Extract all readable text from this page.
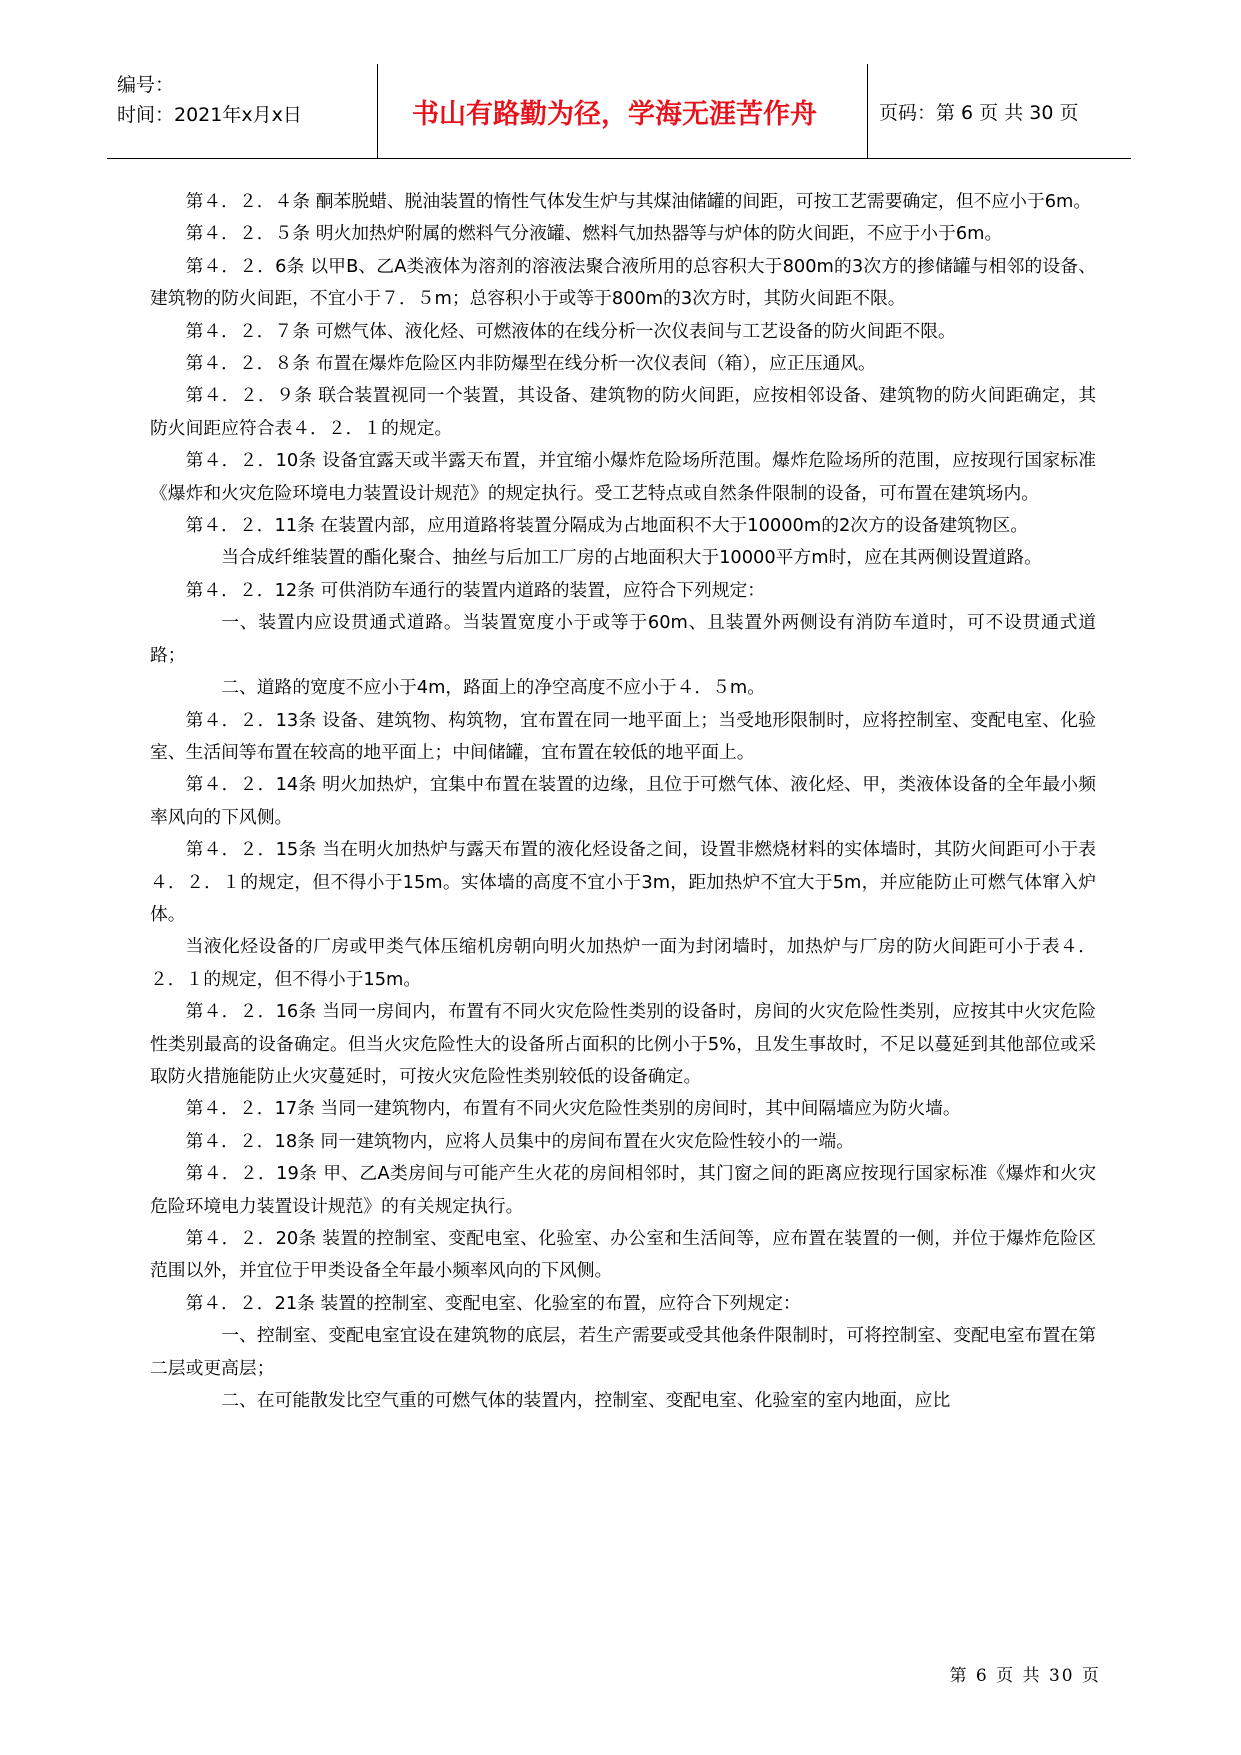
编号：
时间：2021年x月x日	书山有路勤为径，学海无涯苦作舟	页码：第 6 页 共 30 页

第４．２．４条 酮苯脱蜡、脱油装置的惰性气体发生炉与其煤油储罐的间距，可按工艺需要确定，但不应小于6m。

第４．２．５条 明火加热炉附属的燃料气分液罐、燃料气加热器等与炉体的防火间距，不应于小于6m。

第４．２．6条 以甲B、乙A类液体为溶剂的溶液法聚合液所用的总容积大于800m的3次方的掺储罐与相邻的设备、建筑物的防火间距，不宜小于７．５m；总容积小于或等于800m的3次方时，其防火间距不限。

第４．２．７条 可燃气体、液化烃、可燃液体的在线分析一次仪表间与工艺设备的防火间距不限。

第４．２．８条 布置在爆炸危险区内非防爆型在线分析一次仪表间（箱），应正压通风。

第４．２．９条 联合装置视同一个装置，其设备、建筑物的防火间距，应按相邻设备、建筑物的防火间距确定，其防火间距应符合表４．２．１的规定。

第４．２．10条 设备宜露天或半露天布置，并宜缩小爆炸危险场所范围。爆炸危险场所的范围，应按现行国家标准《爆炸和火灾危险环境电力装置设计规范》的规定执行。受工艺特点或自然条件限制的设备，可布置在建筑场内。

第４．２．11条 在装置内部，应用道路将装置分隔成为占地面积不大于10000m的2次方的设备建筑物区。

当合成纤维装置的酯化聚合、抽丝与后加工厂房的占地面积大于10000平方m时，应在其两侧设置道路。

第４．２．12条 可供消防车通行的装置内道路的装置，应符合下列规定：

一、装置内应设贯通式道路。当装置宽度小于或等于60m、且装置外两侧设有消防车道时，可不设贯通式道路；

二、道路的宽度不应小于4m，路面上的净空高度不应小于４．５m。

第４．２．13条 设备、建筑物、构筑物，宜布置在同一地平面上；当受地形限制时，应将控制室、变配电室、化验室、生活间等布置在较高的地平面上；中间储罐，宜布置在较低的地平面上。

第４．２．14条 明火加热炉，宜集中布置在装置的边缘，且位于可燃气体、液化烃、甲，类液体设备的全年最小频率风向的下风侧。

第４．２．15条 当在明火加热炉与露天布置的液化烃设备之间，设置非燃烧材料的实体墙时，其防火间距可小于表４．２．１的规定，但不得小于15m。实体墙的高度不宜小于3m，距加热炉不宜大于5m，并应能防止可燃气体窜入炉体。

当液化烃设备的厂房或甲类气体压缩机房朝向明火加热炉一面为封闭墙时，加热炉与厂房的防火间距可小于表４．２．１的规定，但不得小于15m。

第４．２．16条 当同一房间内，布置有不同火灾危险性类别的设备时，房间的火灾危险性类别，应按其中火灾危险性类别最高的设备确定。但当火灾危险性大的设备所占面积的比例小于5%，且发生事故时，不足以蔓延到其他部位或采取防火措施能防止火灾蔓延时，可按火灾危险性类别较低的设备确定。

第４．２．17条 当同一建筑物内，布置有不同火灾危险性类别的房间时，其中间隔墙应为防火墙。

第４．２．18条 同一建筑物内，应将人员集中的房间布置在火灾危险性较小的一端。

第４．２．19条 甲、乙A类房间与可能产生火花的房间相邻时，其门窗之间的距离应按现行国家标准《爆炸和火灾危险环境电力装置设计规范》的有关规定执行。

第４．２．20条 装置的控制室、变配电室、化验室、办公室和生活间等，应布置在装置的一侧，并位于爆炸危险区范围以外，并宜位于甲类设备全年最小频率风向的下风侧。

第４．２．21条 装置的控制室、变配电室、化验室的布置，应符合下列规定：

一、控制室、变配电室宜设在建筑物的底层，若生产需要或受其他条件限制时，可将控制室、变配电室布置在第二层或更高层；

二、在可能散发比空气重的可燃气体的装置内，控制室、变配电室、化验室的室内地面，应比

第 6 页 共 30 页
